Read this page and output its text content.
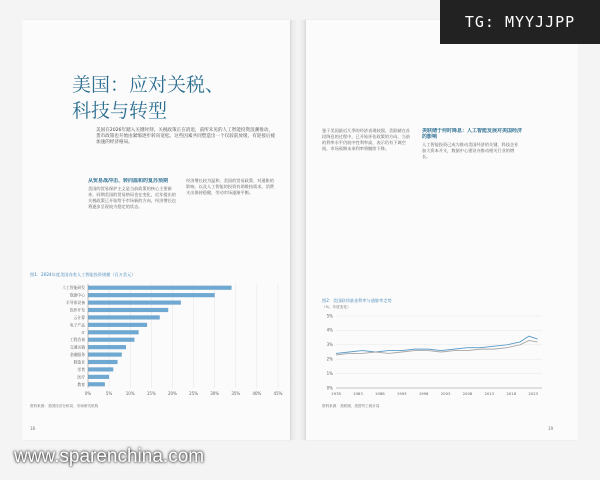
美国：应对关税、
科技与转型
美国在2026年踏入关键时刻，关税政策正在消退，前所未见的人工智能投资浪潮推动，货币政策也开始由紧缩逐步转向宽松。这些因素共同塑造出一个仅较前放缓、有迎接后疲加速的经济格局。
从贸易战冲击、转向温和的复苏预期
美国的贸易保护主义是当前政策的核心主要新来，同期美国的贸易格局也在变化，近年提出的关税政策已开始给予市场新的方向，经济增长也将逐步呈现较为稳定的状态。
经济增长较为温和，美国的贸易政策、对通胀的影响，以及人工智能的投资有助维持需求，消费支出保持稳健，劳动市场逐渐平衡。
图1：2024年度美国各类人工智能投资规模（百万美元）
0%	5%	10%	15%	20%	25%	30%	35%	40%	45%
人工智能研发
数据中心
半导体设备
软件开发
云计算
电子产品
IT
工程咨询
交通运输
金融服务
制造业
零售
医疗
教育
资料来源：美国经济分析局、市场研究机构
18
鉴于美国最近几季的经济表现较强，美联储在首段降息的过程中，已开始评估政策的方向，当前的利率水平仍较中性利率高，表示仍有下调空间，市场预期未来利率将继续下降。
美联储于何时降息：人工智能发展对美国经济的影响
人工智能投资已成为推动美国经济的关键，科技企业加大资本开支，数据中心建设亦推动相关行业的增长。
图2：美国联邦基金利率与通胀率走势
（%，年度变化）
0%
1%
2%
3%
4%
5%
1978	1983	1988	1993	1998	2003	2008	2013	2018	2023
资料来源：美联储、美国劳工统计局
19
TG: MYYJJPP
www.sparenchina.com
